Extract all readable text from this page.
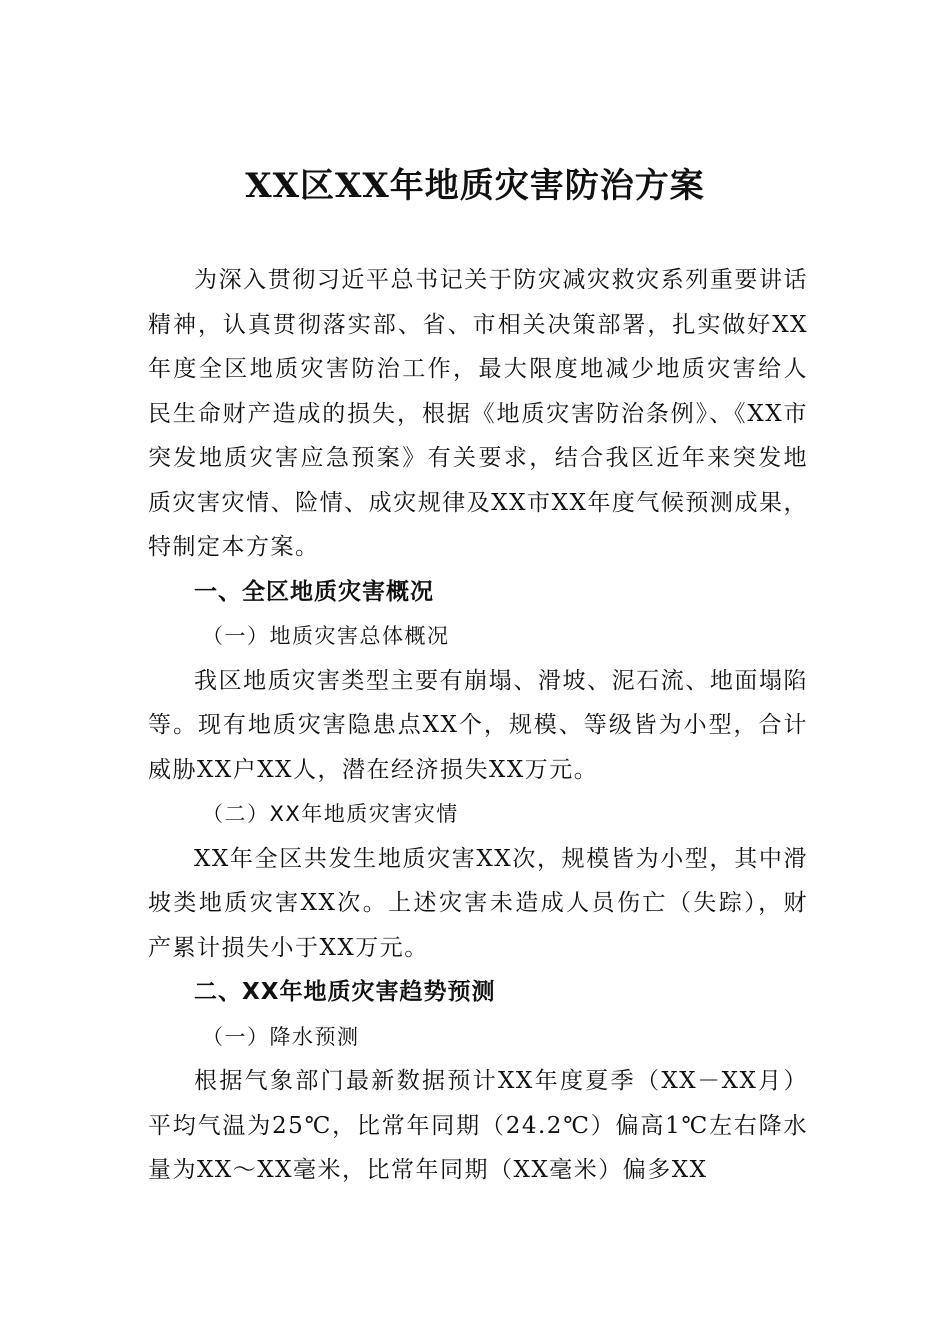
XX区XX年地质灾害防治方案

为深入贯彻习近平总书记关于防灾减灾救灾系列重要讲话精神，认真贯彻落实部、省、市相关决策部署，扎实做好XX年度全区地质灾害防治工作，最大限度地减少地质灾害给人民生命财产造成的损失，根据《地质灾害防治条例》、《XX市突发地质灾害应急预案》有关要求，结合我区近年来突发地质灾害灾情、险情、成灾规律及XX市XX年度气候预测成果，特制定本方案。

一、全区地质灾害概况

（一）地质灾害总体概况

我区地质灾害类型主要有崩塌、滑坡、泥石流、地面塌陷等。现有地质灾害隐患点XX个，规模、等级皆为小型，合计威胁XX户XX人，潜在经济损失XX万元。

（二）XX年地质灾害灾情

XX年全区共发生地质灾害XX次，规模皆为小型，其中滑坡类地质灾害XX次。上述灾害未造成人员伤亡（失踪），财产累计损失小于XX万元。

二、XX年地质灾害趋势预测

（一）降水预测

根据气象部门最新数据预计XX年度夏季（XX－XX月）平均气温为25℃，比常年同期（24.2℃）偏高1℃左右降水量为XX～XX毫米，比常年同期（XX毫米）偏多XX
